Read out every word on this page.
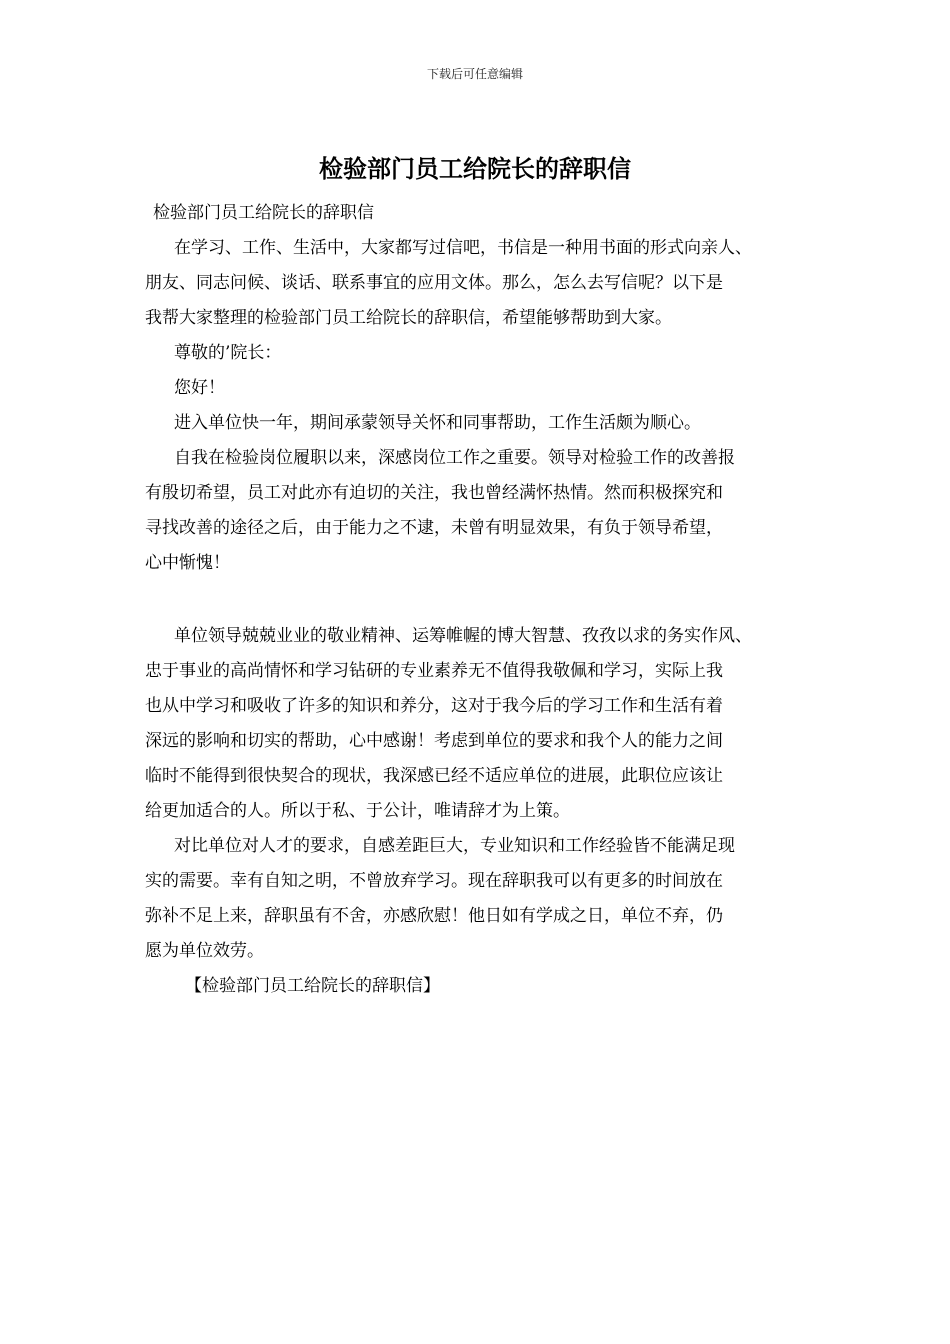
下载后可任意编辑
检验部门员工给院长的辞职信
检验部门员工给院长的辞职信
在学习、工作、生活中，大家都写过信吧，书信是一种用书面的形式向亲人、
朋友、同志问候、谈话、联系事宜的应用文体。那么，怎么去写信呢？以下是
我帮大家整理的检验部门员工给院长的辞职信，希望能够帮助到大家。
尊敬的’院长：
您好！
进入单位快一年，期间承蒙领导关怀和同事帮助，工作生活颇为顺心。
自我在检验岗位履职以来，深感岗位工作之重要。领导对检验工作的改善报
有殷切希望，员工对此亦有迫切的关注，我也曾经满怀热情。然而积极探究和
寻找改善的途径之后，由于能力之不逮，未曾有明显效果，有负于领导希望，
心中惭愧！
单位领导兢兢业业的敬业精神、运筹帷幄的博大智慧、孜孜以求的务实作风、
忠于事业的高尚情怀和学习钻研的专业素养无不值得我敬佩和学习，实际上我
也从中学习和吸收了许多的知识和养分，这对于我今后的学习工作和生活有着
深远的影响和切实的帮助，心中感谢！考虑到单位的要求和我个人的能力之间
临时不能得到很快契合的现状，我深感已经不适应单位的进展，此职位应该让
给更加适合的人。所以于私、于公计，唯请辞才为上策。
对比单位对人才的要求，自感差距巨大，专业知识和工作经验皆不能满足现
实的需要。幸有自知之明，不曾放弃学习。现在辞职我可以有更多的时间放在
弥补不足上来，辞职虽有不舍，亦感欣慰！他日如有学成之日，单位不弃，仍
愿为单位效劳。
【检验部门员工给院长的辞职信】
